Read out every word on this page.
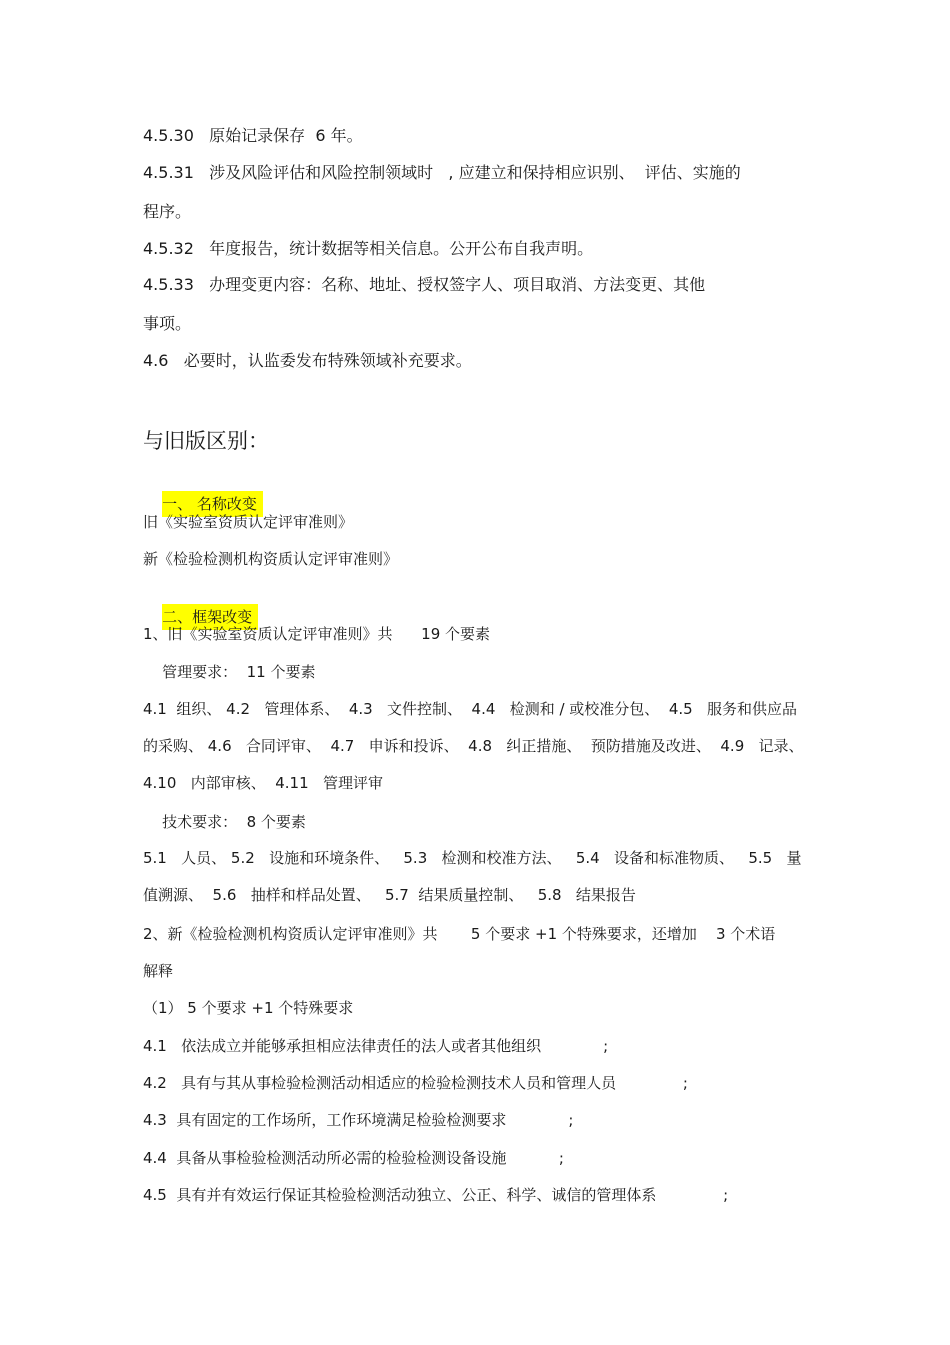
4.5.30   原始记录保存  6 年。
4.5.31   涉及风险评估和风险控制领域时   , 应建立和保持相应识别、  评估、实施的
程序。
4.5.32   年度报告，统计数据等相关信息。公开公布自我声明。
4.5.33   办理变更内容：名称、地址、授权签字人、项目取消、方法变更、其他
事项。
4.6   必要时，认监委发布特殊领域补充要求。
与旧版区别：

一、 名称改变

旧《实验室资质认定评审准则》
新《检验检测机构资质认定评审准则》

二、框架改变

1、旧《实验室资质认定评审准则》共      19 个要素
管理要求：  11 个要素
4.1  组织、 4.2   管理体系、  4.3   文件控制、  4.4   检测和 / 或校准分包、  4.5   服务和供应品
的采购、 4.6   合同评审、  4.7   申诉和投诉、  4.8   纠正措施、  预防措施及改进、  4.9   记录、
4.10   内部审核、  4.11   管理评审
技术要求：  8 个要素
5.1   人员、 5.2   设施和环境条件、   5.3   检测和校准方法、   5.4   设备和标准物质、   5.5   量
值溯源、  5.6   抽样和样品处置、   5.7  结果质量控制、   5.8   结果报告
2、新《检验检测机构资质认定评审准则》共       5 个要求 +1 个特殊要求，还增加    3 个术语
解释
（1） 5 个要求 +1 个特殊要求
4.1   依法成立并能够承担相应法律责任的法人或者其他组织             ;
4.2   具有与其从事检验检测活动相适应的检验检测技术人员和管理人员              ;
4.3  具有固定的工作场所，工作环境满足检验检测要求             ;
4.4  具备从事检验检测活动所必需的检验检测设备设施           ;
4.5  具有并有效运行保证其检验检测活动独立、公正、科学、诚信的管理体系              ;
